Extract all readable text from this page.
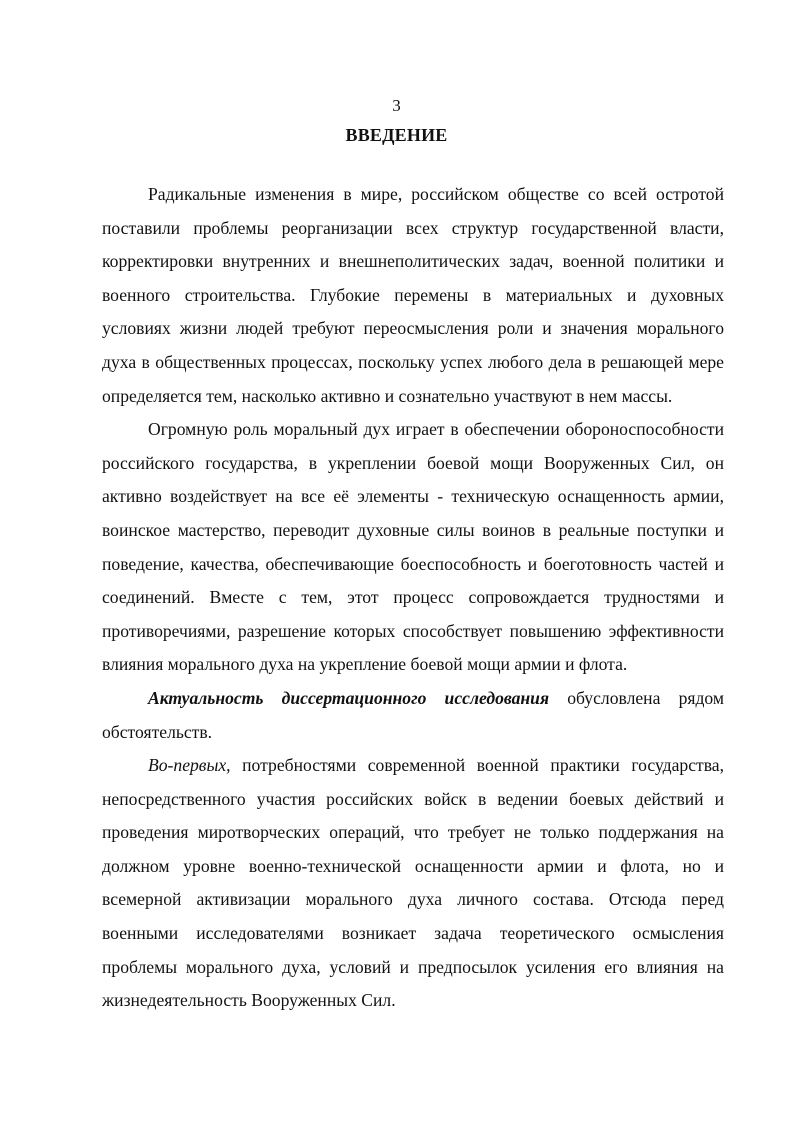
3
ВВЕДЕНИЕ

Радикальные изменения в мире, российском обществе со всей остротой поставили проблемы реорганизации всех структур государственной власти, корректировки внутренних и внешнеполитических задач, военной политики и военного строительства. Глубокие перемены в материальных и духовных условиях жизни людей требуют переосмысления роли и значения морального духа в общественных процессах, поскольку успех любого дела в решающей мере определяется тем, насколько активно и сознательно участвуют в нем массы.

Огромную роль моральный дух играет в обеспечении обороноспособности российского государства, в укреплении боевой мощи Вооруженных Сил, он активно воздействует на все её элементы - техническую оснащенность армии, воинское мастерство, переводит духовные силы воинов в реальные поступки и поведение, качества, обеспечивающие боеспособность и боеготовность частей и соединений. Вместе с тем, этот процесс сопровождается трудностями и противоречиями, разрешение которых способствует повышению эффективности влияния морального духа на укрепление боевой мощи армии и флота.

Актуальность диссертационного исследования обусловлена рядом обстоятельств.

Во-первых, потребностями современной военной практики государства, непосредственного участия российских войск в ведении боевых действий и проведения миротворческих операций, что требует не только поддержания на должном уровне военно-технической оснащенности армии и флота, но и всемерной активизации морального духа личного состава. Отсюда перед военными исследователями возникает задача теоретического осмысления проблемы морального духа, условий и предпосылок усиления его влияния на жизнедеятельность Вооруженных Сил.
